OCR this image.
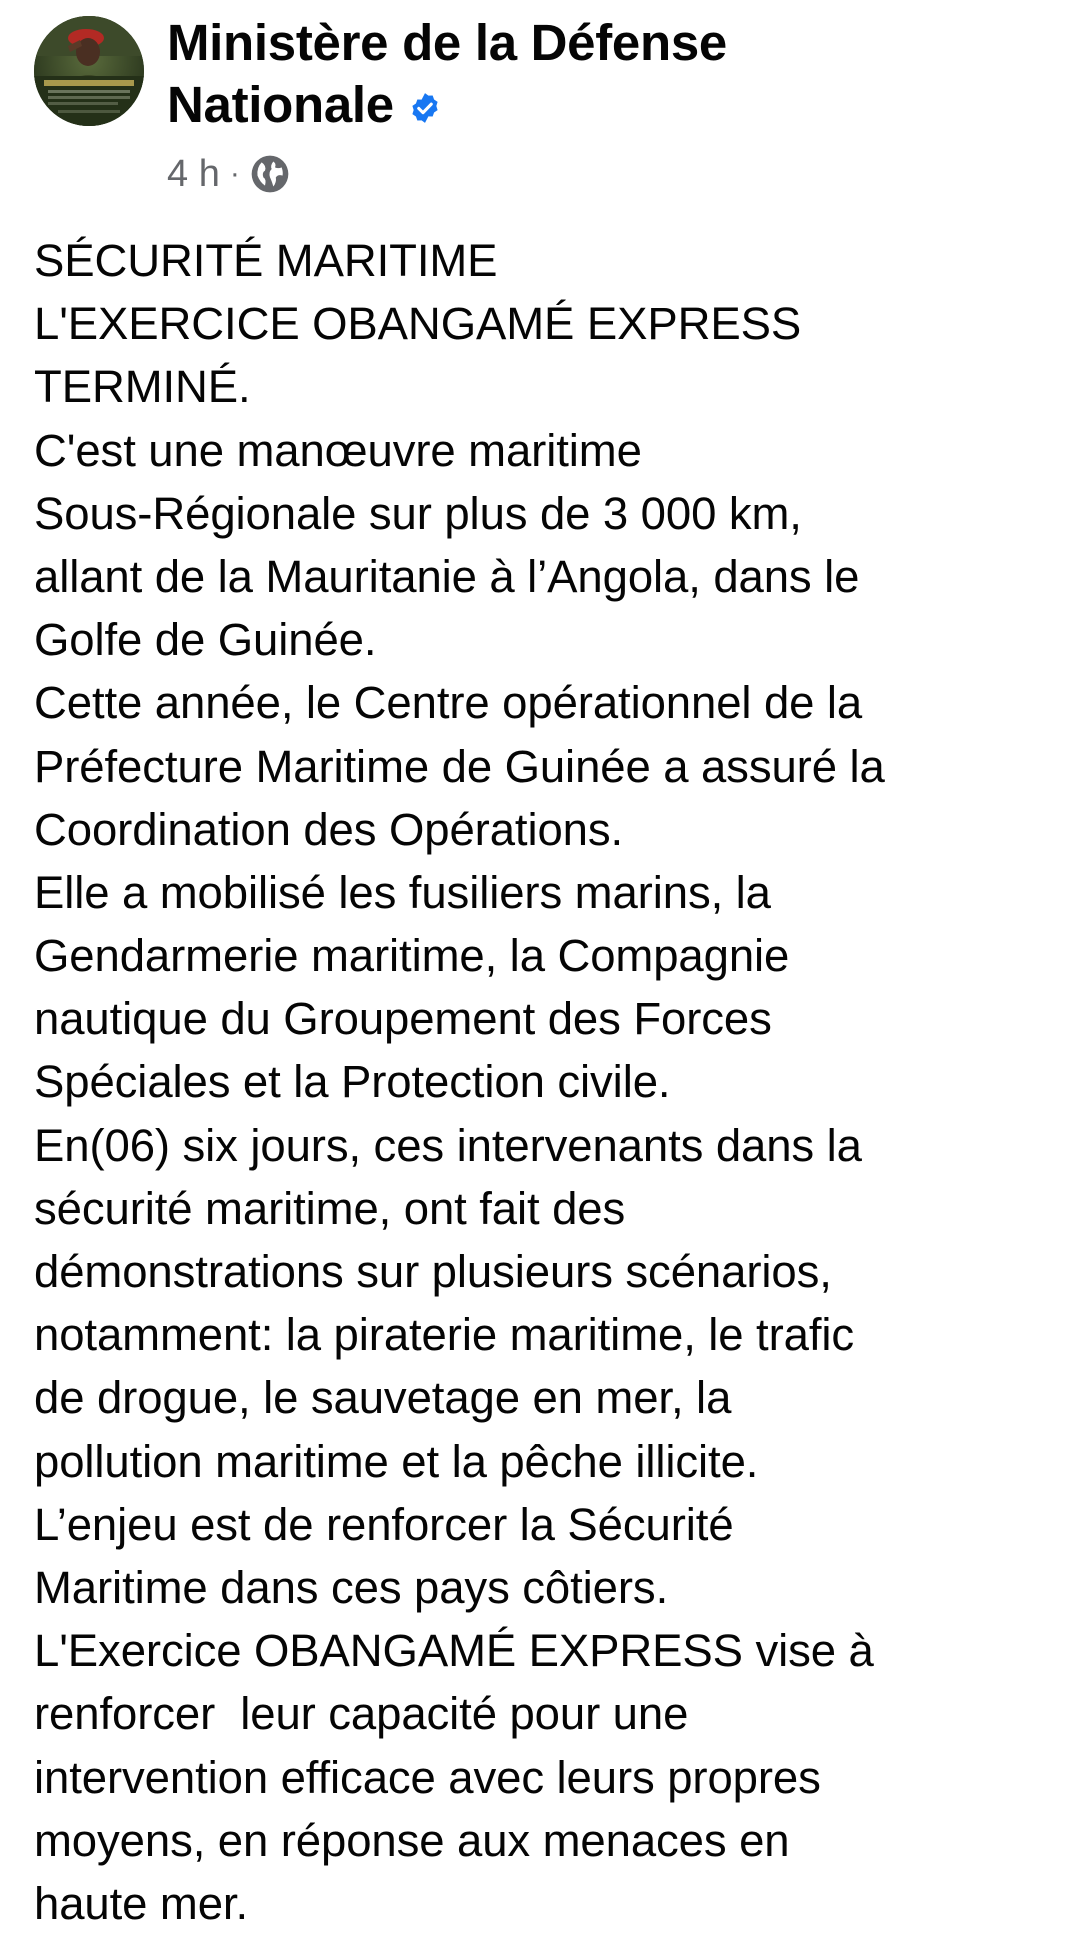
Ministère de la Défense
Nationale
4 h ·
SÉCURITÉ MARITIME
L'EXERCICE OBANGAMÉ EXPRESS
TERMINÉ.
C'est une manœuvre maritime
Sous-Régionale sur plus de 3 000 km,
allant de la Mauritanie à l’Angola, dans le
Golfe de Guinée.
Cette année, le Centre opérationnel de la
Préfecture Maritime de Guinée a assuré la
Coordination des Opérations.
Elle a mobilisé les fusiliers marins, la
Gendarmerie maritime, la Compagnie
nautique du Groupement des Forces
Spéciales et la Protection civile.
En(06) six jours, ces intervenants dans la
sécurité maritime, ont fait des
démonstrations sur plusieurs scénarios,
notamment: la piraterie maritime, le trafic
de drogue, le sauvetage en mer, la
pollution maritime et la pêche illicite.
L’enjeu est de renforcer la Sécurité
Maritime dans ces pays côtiers.
L'Exercice OBANGAMÉ EXPRESS vise à
renforcer  leur capacité pour une
intervention efficace avec leurs propres
moyens, en réponse aux menaces en
haute mer.
